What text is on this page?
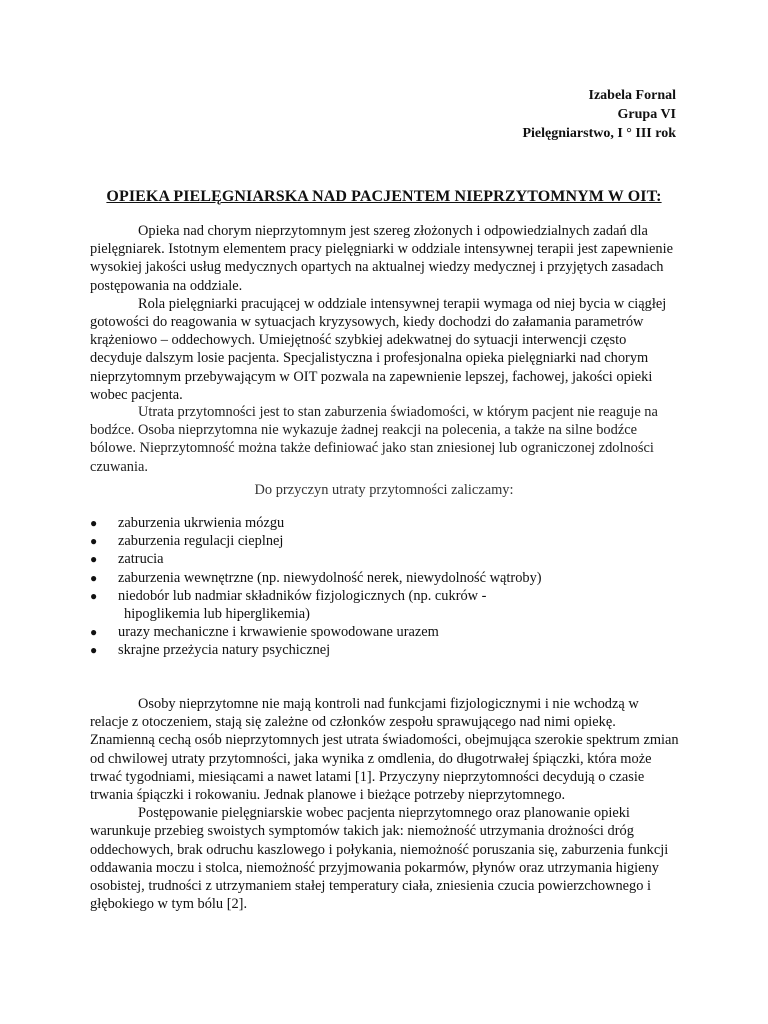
Izabela Fornal
Grupa VI
Pielęgniarstwo, I ° III rok
OPIEKA PIELĘGNIARSKA NAD PACJENTEM NIEPRZYTOMNYM W OIT:

Opieka nad chorym nieprzytomnym jest szereg złożonych i odpowiedzialnych zadań dla pielęgniarek. Istotnym elementem pracy pielęgniarki w oddziale intensywnej terapii jest zapewnienie wysokiej jakości usług medycznych opartych na aktualnej wiedzy medycznej i przyjętych zasadach postępowania na oddziale.

Rola pielęgniarki pracującej w oddziale intensywnej terapii wymaga od niej bycia w ciągłej gotowości do reagowania w sytuacjach kryzysowych, kiedy dochodzi do załamania parametrów krążeniowo – oddechowych. Umiejętność szybkiej adekwatnej do sytuacji interwencji często decyduje dalszym losie pacjenta. Specjalistyczna i profesjonalna opieka pielęgniarki nad chorym nieprzytomnym przebywającym w OIT pozwala na zapewnienie lepszej, fachowej, jakości opieki wobec pacjenta.

Utrata przytomności jest to stan zaburzenia świadomości, w którym pacjent nie reaguje na bodźce. Osoba nieprzytomna nie wykazuje żadnej reakcji na polecenia, a także na silne bodźce bólowe. Nieprzytomność można także definiować jako stan zniesionej lub ograniczonej zdolności czuwania.

Do przyczyn utraty przytomności zaliczamy:
● zaburzenia ukrwienia mózgu
● zaburzenia regulacji cieplnej
● zatrucia
● zaburzenia wewnętrzne (np. niewydolność nerek, niewydolność wątroby)
● niedobór lub nadmiar składników fizjologicznych (np. cukrów -
hipoglikemia lub hiperglikemia)
● urazy mechaniczne i krwawienie spowodowane urazem
● skrajne przeżycia natury psychicznej

Osoby nieprzytomne nie mają kontroli nad funkcjami fizjologicznymi i nie wchodzą w relacje z otoczeniem, stają się zależne od członków zespołu sprawującego nad nimi opiekę. Znamienną cechą osób nieprzytomnych jest utrata świadomości, obejmująca szerokie spektrum zmian od chwilowej utraty przytomności, jaka wynika z omdlenia, do długotrwałej śpiączki, która może trwać tygodniami, miesiącami a nawet latami [1]. Przyczyny nieprzytomności decydują o czasie trwania śpiączki i rokowaniu. Jednak planowe i bieżące potrzeby nieprzytomnego.

Postępowanie pielęgniarskie wobec pacjenta nieprzytomnego oraz planowanie opieki warunkuje przebieg swoistych symptomów takich jak: niemożność utrzymania drożności dróg oddechowych, brak odruchu kaszlowego i połykania, niemożność poruszania się, zaburzenia funkcji oddawania moczu i stolca, niemożność przyjmowania pokarmów, płynów oraz utrzymania higieny osobistej, trudności z utrzymaniem stałej temperatury ciała, zniesienia czucia powierzchownego i głębokiego w tym bólu [2].
